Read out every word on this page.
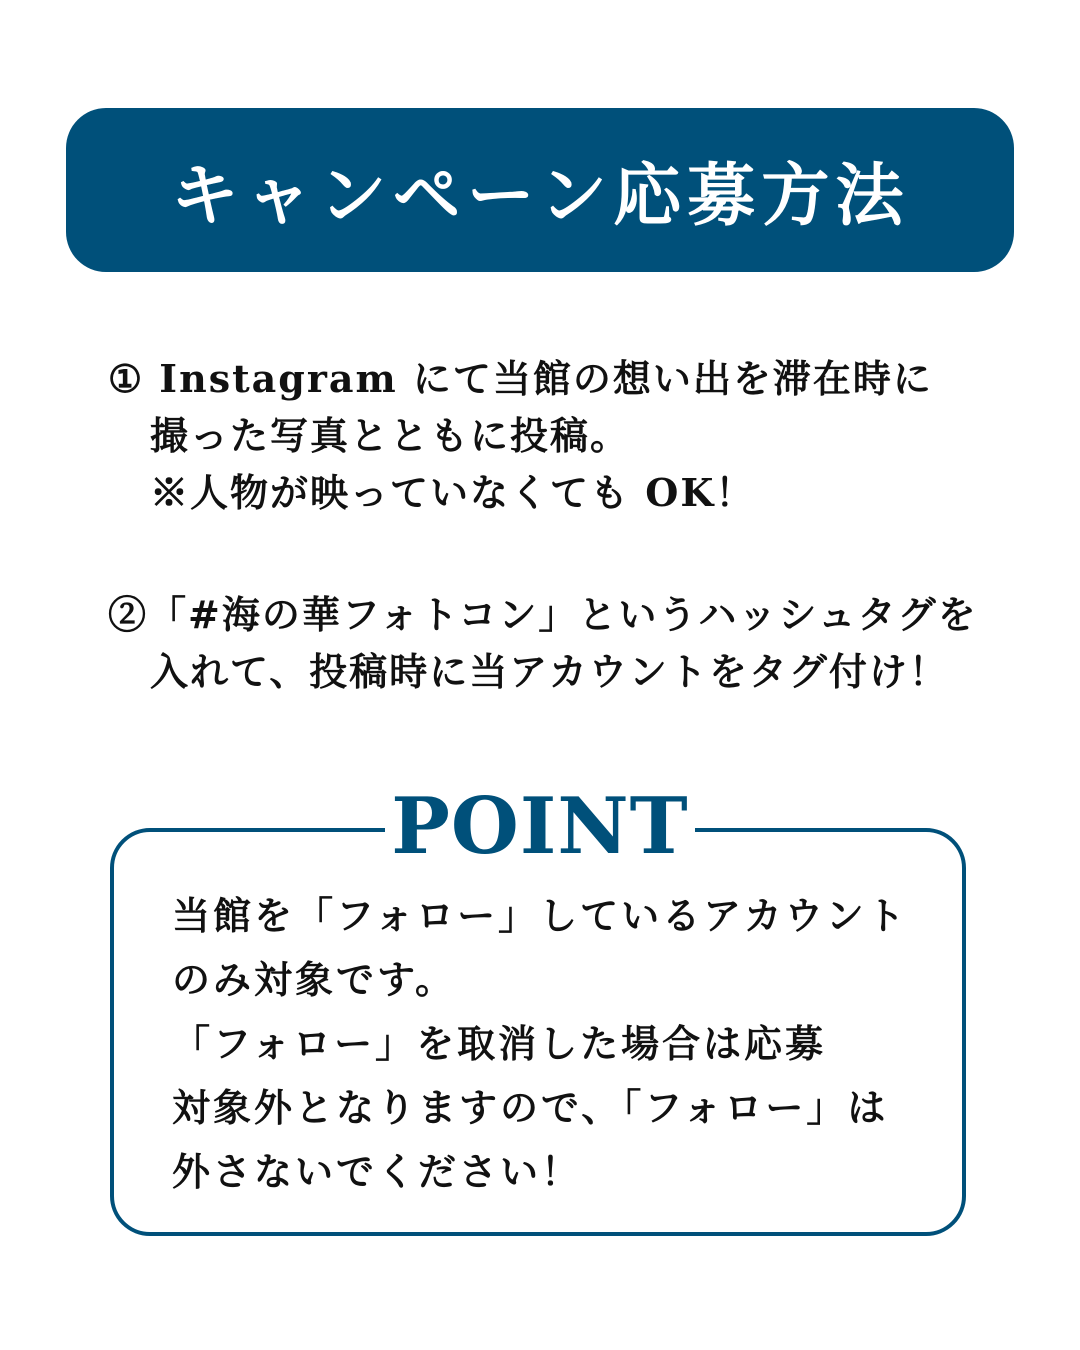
キャンペーン応募方法
① Instagram にて当館の想い出を滞在時に
撮った写真とともに投稿。
※人物が映っていなくても OK！
②「#海の華フォトコン」というハッシュタグを
入れて、投稿時に当アカウントをタグ付け！
POINT
当館を「フォロー」しているアカウント
のみ対象です。
「フォロー」を取消した場合は応募
対象外となりますので、「フォロー」は
外さないでください！
